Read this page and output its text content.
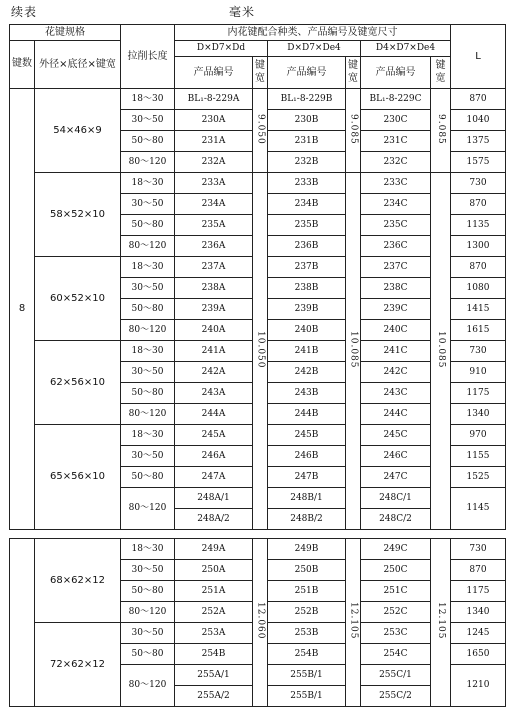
续表	毫米
花键规格		拉削长度	内花键配合种类、产品编号及键宽尺寸						L
键数	外径×底径×键宽		D×D7×Dd		D×D7×De4		D4×D7×De4		
			产品编号	键宽	产品编号	键宽	产品编号	键宽	
8	54×46×9	18～30	BL₁-8-229A	9.050	BL₁-8-229B	9.085	BL₁-8-229C	9.085	870
		30～50	230A		230B		230C		1040
		50～80	231A		231B		231C		1375
		80～120	232A		232B		232C		1575
	58×52×10	18～30	233A	10.050	233B	10.085	233C	10.085	730
		30～50	234A		234B		234C		870
		50～80	235A		235B		235C		1135
		80～120	236A		236B		236C		1300
	60×52×10	18～30	237A		237B		237C		870
		30～50	238A		238B		238C		1080
		50～80	239A		239B		239C		1415
		80～120	240A		240B		240C		1615
	62×56×10	18～30	241A		241B		241C		730
		30～50	242A		242B		242C		910
		50～80	243A		243B		243C		1175
		80～120	244A		244B		244C		1340
	65×56×10	18～30	245A		245B		245C		970
		30～50	246A		246B		246C		1155
		50～80	247A		247B		247C		1525
		80～120	248A/1		248B/1		248C/1		1145
			248A/2		248B/2		248C/2		
	68×62×12	18～30	249A	12.060	249B	12.105	249C	12.105	730
		30～50	250A		250B		250C		870
		50～80	251A		251B		251C		1175
		80～120	252A		252B		252C		1340
	72×62×12	30～50	253A		253B		253C		1245
		50～80	254B		254B		254C		1650
		80～120	255A/1		255B/1		255C/1		1210
			255A/2		255B/1		255C/2		
